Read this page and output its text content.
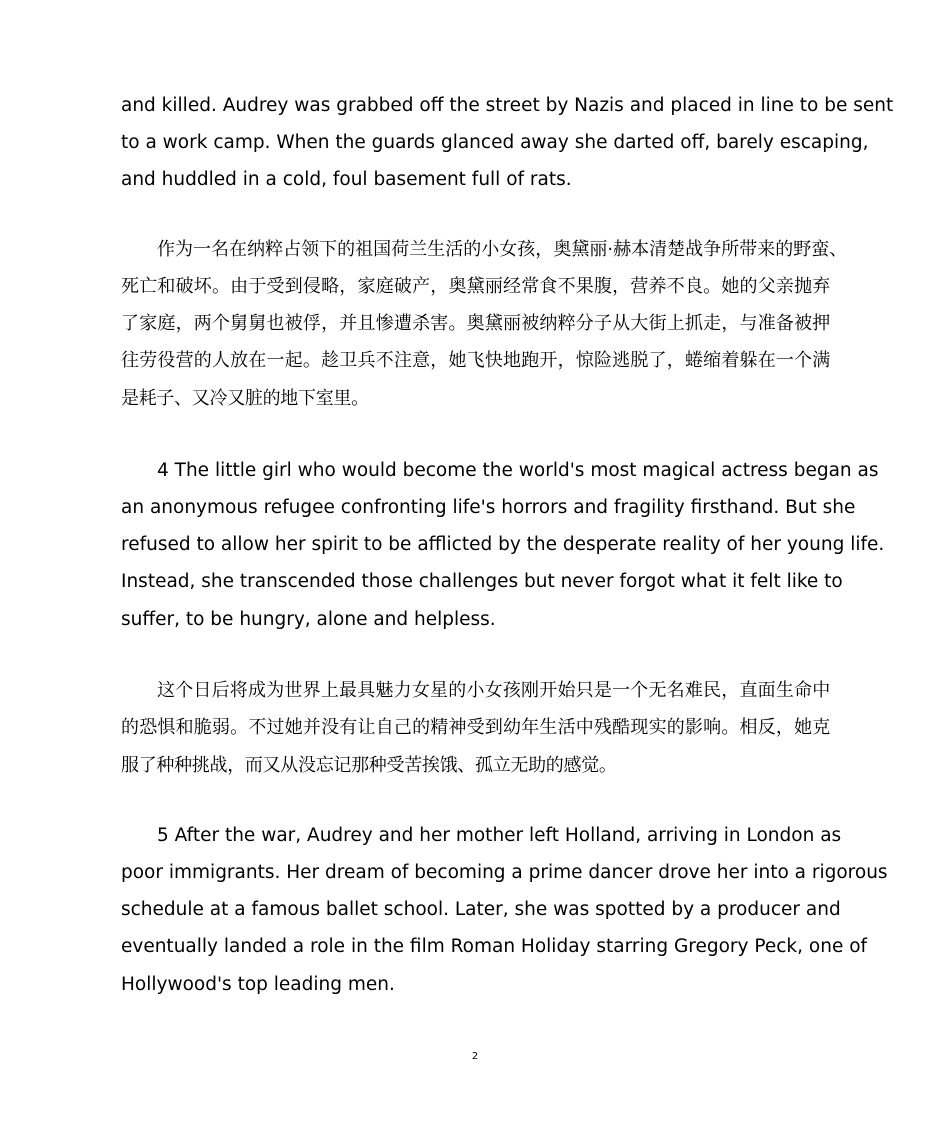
and killed. Audrey was grabbed off the street by Nazis and placed in line to be sent

to a work camp. When the guards glanced away she darted off, barely escaping,

and huddled in a cold, foul basement full of rats.

作为一名在纳粹占领下的祖国荷兰生活的小女孩，奥黛丽·赫本清楚战争所带来的野蛮、

死亡和破坏。由于受到侵略，家庭破产，奥黛丽经常食不果腹，营养不良。她的父亲抛弃

了家庭，两个舅舅也被俘，并且惨遭杀害。奥黛丽被纳粹分子从大街上抓走，与准备被押

往劳役营的人放在一起。趁卫兵不注意，她飞快地跑开，惊险逃脱了，蜷缩着躲在一个满

是耗子、又冷又脏的地下室里。

4 The little girl who would become the world's most magical actress began as

an anonymous refugee confronting life's horrors and fragility firsthand. But she

refused to allow her spirit to be afflicted by the desperate reality of her young life.

Instead, she transcended those challenges but never forgot what it felt like to

suffer, to be hungry, alone and helpless.

这个日后将成为世界上最具魅力女星的小女孩刚开始只是一个无名难民，直面生命中

的恐惧和脆弱。不过她并没有让自己的精神受到幼年生活中残酷现实的影响。相反，她克

服了种种挑战，而又从没忘记那种受苦挨饿、孤立无助的感觉。

5 After the war, Audrey and her mother left Holland, arriving in London as

poor immigrants. Her dream of becoming a prime dancer drove her into a rigorous

schedule at a famous ballet school. Later, she was spotted by a producer and

eventually landed a role in the film Roman Holiday starring Gregory Peck, one of

Hollywood's top leading men.

2
